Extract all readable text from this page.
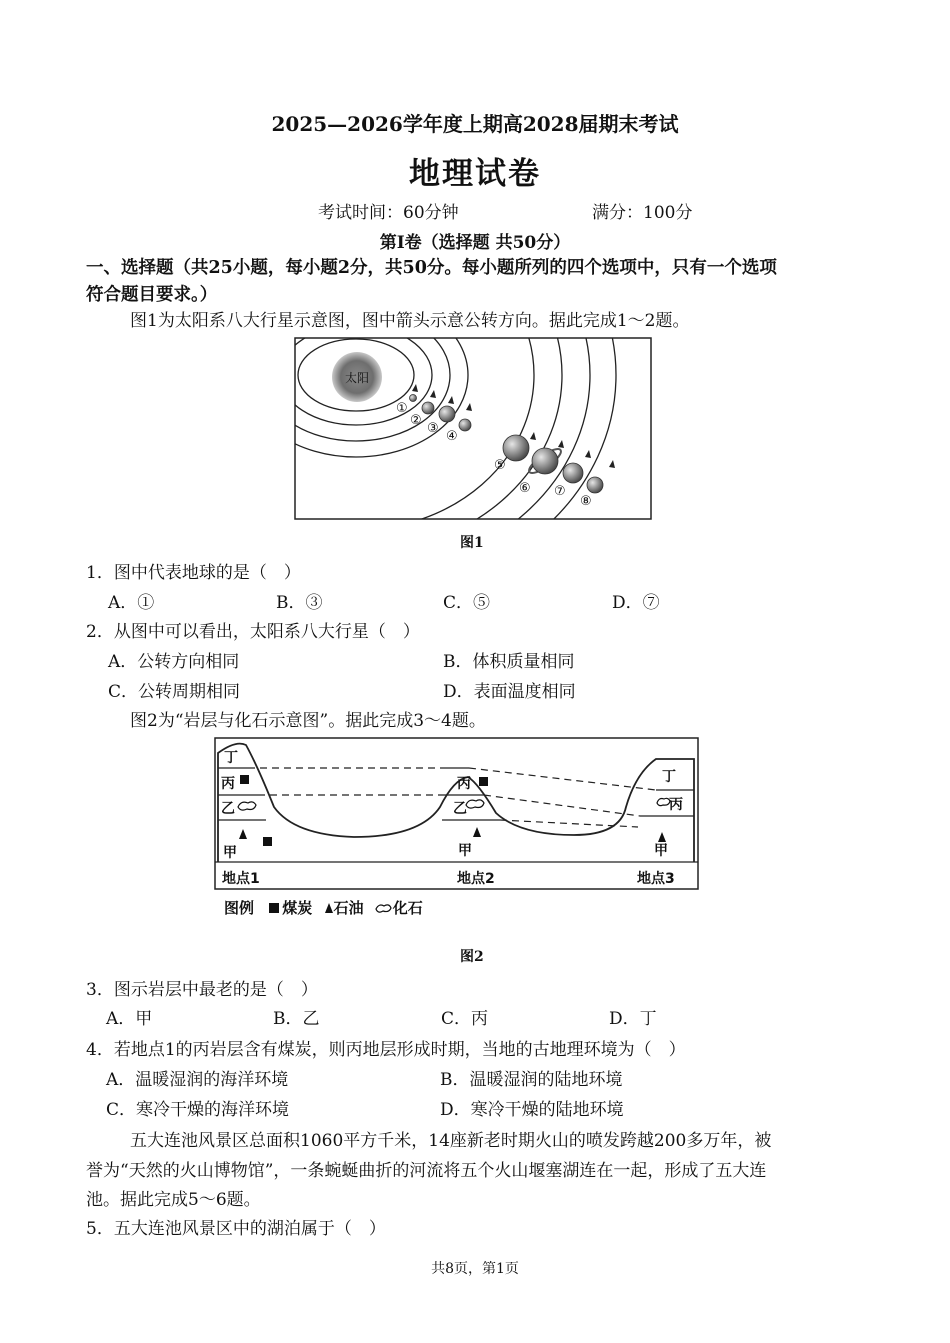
2025—2026学年度上期高2028届期末考试
地理试卷
考试时间：60分钟	满分：100分
第I卷（选择题 共50分）
一、选择题（共25小题，每小题2分，共50分。每小题所列的四个选项中，只有一个选项
符合题目要求。）
图1为太阳系八大行星示意图，图中箭头示意公转方向。据此完成1～2题。
太阳
①
②
③
④
⑤
⑥ ⑦
⑧
图1
1．图中代表地球的是（　）
A．①	B．③	C．⑤	D．⑦
2．从图中可以看出，太阳系八大行星（　）
A．公转方向相同	B．体积质量相同
C．公转周期相同	D．表面温度相同
图2为“岩层与化石示意图”。据此完成3～4题。
丁
丙
乙
甲
丙
乙
甲
丁
丙
甲
地点1	地点2	地点3
图例 煤炭 石油 化石
图2
3．图示岩层中最老的是（　）
A．甲	B．乙	C．丙	D．丁
4．若地点1的丙岩层含有煤炭，则丙地层形成时期，当地的古地理环境为（　）
A．温暖湿润的海洋环境	B．温暖湿润的陆地环境
C．寒冷干燥的海洋环境	D．寒冷干燥的陆地环境
五大连池风景区总面积1060平方千米，14座新老时期火山的喷发跨越200多万年，被
誉为“天然的火山博物馆”，一条蜿蜒曲折的河流将五个火山堰塞湖连在一起，形成了五大连
池。据此完成5～6题。
5．五大连池风景区中的湖泊属于（　）
共8页，第1页
